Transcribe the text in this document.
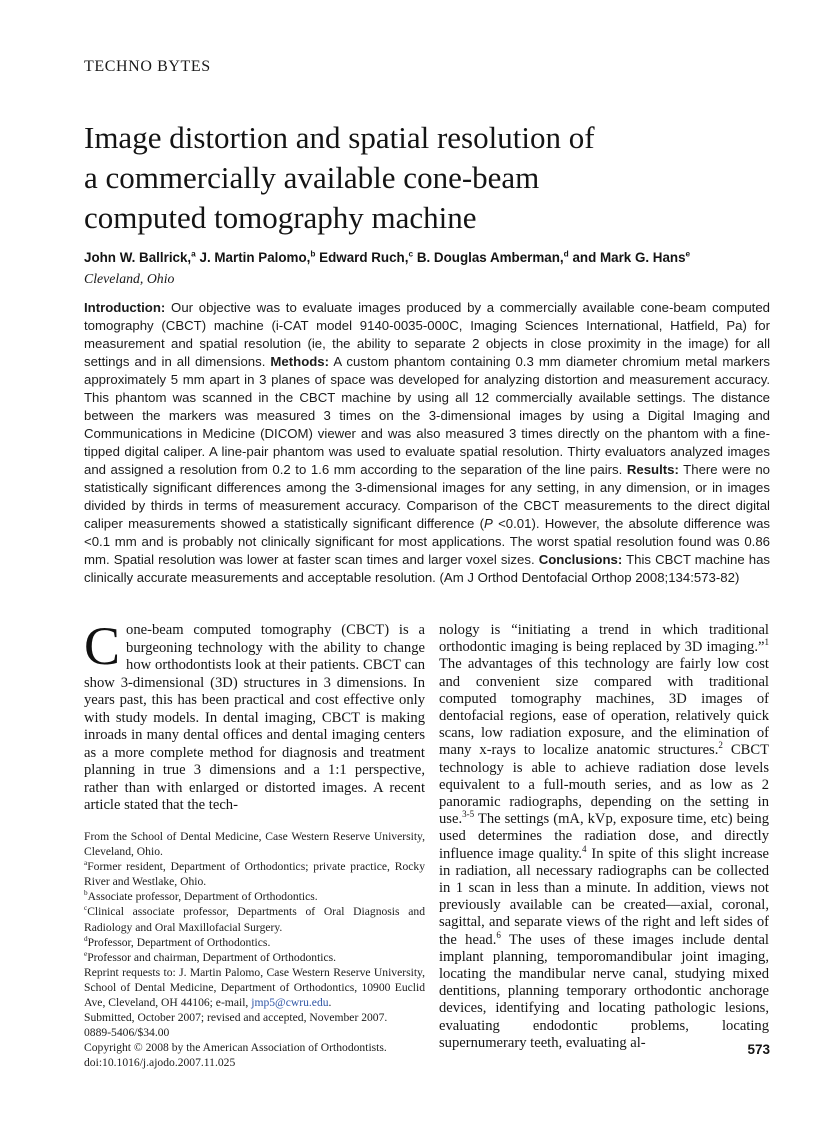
TECHNO BYTES
Image distortion and spatial resolution of
a commercially available cone-beam
computed tomography machine
John W. Ballrick,$^a$ J. Martin Palomo,$^b$ Edward Ruch,$^c$ B. Douglas Amberman,$^d$ and Mark G. Hans$^e$
Cleveland, Ohio
Introduction: Our objective was to evaluate images produced by a commercially available cone-beam computed tomography (CBCT) machine (i-CAT model 9140-0035-000C, Imaging Sciences International, Hatfield, Pa) for measurement and spatial resolution (ie, the ability to separate 2 objects in close proximity in the image) for all settings and in all dimensions. Methods: A custom phantom containing 0.3 mm diameter chromium metal markers approximately 5 mm apart in 3 planes of space was developed for analyzing distortion and measurement accuracy. This phantom was scanned in the CBCT machine by using all 12 commercially available settings. The distance between the markers was measured 3 times on the 3-dimensional images by using a Digital Imaging and Communications in Medicine (DICOM) viewer and was also measured 3 times directly on the phantom with a fine-tipped digital caliper. A line-pair phantom was used to evaluate spatial resolution. Thirty evaluators analyzed images and assigned a resolution from 0.2 to 1.6 mm according to the separation of the line pairs. Results: There were no statistically significant differences among the 3-dimensional images for any setting, in any dimension, or in images divided by thirds in terms of measurement accuracy. Comparison of the CBCT measurements to the direct digital caliper measurements showed a statistically significant difference (P <0.01). However, the absolute difference was <0.1 mm and is probably not clinically significant for most applications. The worst spatial resolution found was 0.86 mm. Spatial resolution was lower at faster scan times and larger voxel sizes. Conclusions: This CBCT machine has clinically accurate measurements and acceptable resolution. (Am J Orthod Dentofacial Orthop 2008;134:573-82)
Cone-beam computed tomography (CBCT) is a burgeoning technology with the ability to change how orthodontists look at their patients. CBCT can show 3-dimensional (3D) structures in 3 dimensions. In years past, this has been practical and cost effective only with study models. In dental imaging, CBCT is making inroads in many dental offices and dental imaging centers as a more complete method for diagnosis and treatment planning in true 3 dimensions and a 1:1 perspective, rather than with enlarged or distorted images. A recent article stated that the tech-

From the School of Dental Medicine, Case Western Reserve University, Cleveland, Ohio.

$^a$Former resident, Department of Orthodontics; private practice, Rocky River and Westlake, Ohio.

$^b$Associate professor, Department of Orthodontics.

$^c$Clinical associate professor, Departments of Oral Diagnosis and Radiology and Oral Maxillofacial Surgery.

$^d$Professor, Department of Orthodontics.

$^e$Professor and chairman, Department of Orthodontics.

Reprint requests to: J. Martin Palomo, Case Western Reserve University, School of Dental Medicine, Department of Orthodontics, 10900 Euclid Ave, Cleveland, OH 44106; e-mail, jmp5@cwru.edu.

Submitted, October 2007; revised and accepted, November 2007.

0889-5406/$34.00

Copyright © 2008 by the American Association of Orthodontists.

doi:10.1016/j.ajodo.2007.11.025

nology is “initiating a trend in which traditional orthodontic imaging is being replaced by 3D imaging.”$^1$ The advantages of this technology are fairly low cost and convenient size compared with traditional computed tomography machines, 3D images of dentofacial regions, ease of operation, relatively quick scans, low radiation exposure, and the elimination of many x-rays to localize anatomic structures.$^2$ CBCT technology is able to achieve radiation dose levels equivalent to a full-mouth series, and as low as 2 panoramic radiographs, depending on the setting in use.$^{3-5}$ The settings (mA, kVp, exposure time, etc) being used determines the radiation dose, and directly influence image quality.$^4$ In spite of this slight increase in radiation, all necessary radiographs can be collected in 1 scan in less than a minute. In addition, views not previously available can be created—axial, coronal, sagittal, and separate views of the right and left sides of the head.$^6$ The uses of these images include dental implant planning, temporomandibular joint imaging, locating the mandibular nerve canal, studying mixed dentitions, planning temporary orthodontic anchorage devices, identifying and locating pathologic lesions, evaluating endodontic problems, locating supernumerary teeth, evaluating al-	573
